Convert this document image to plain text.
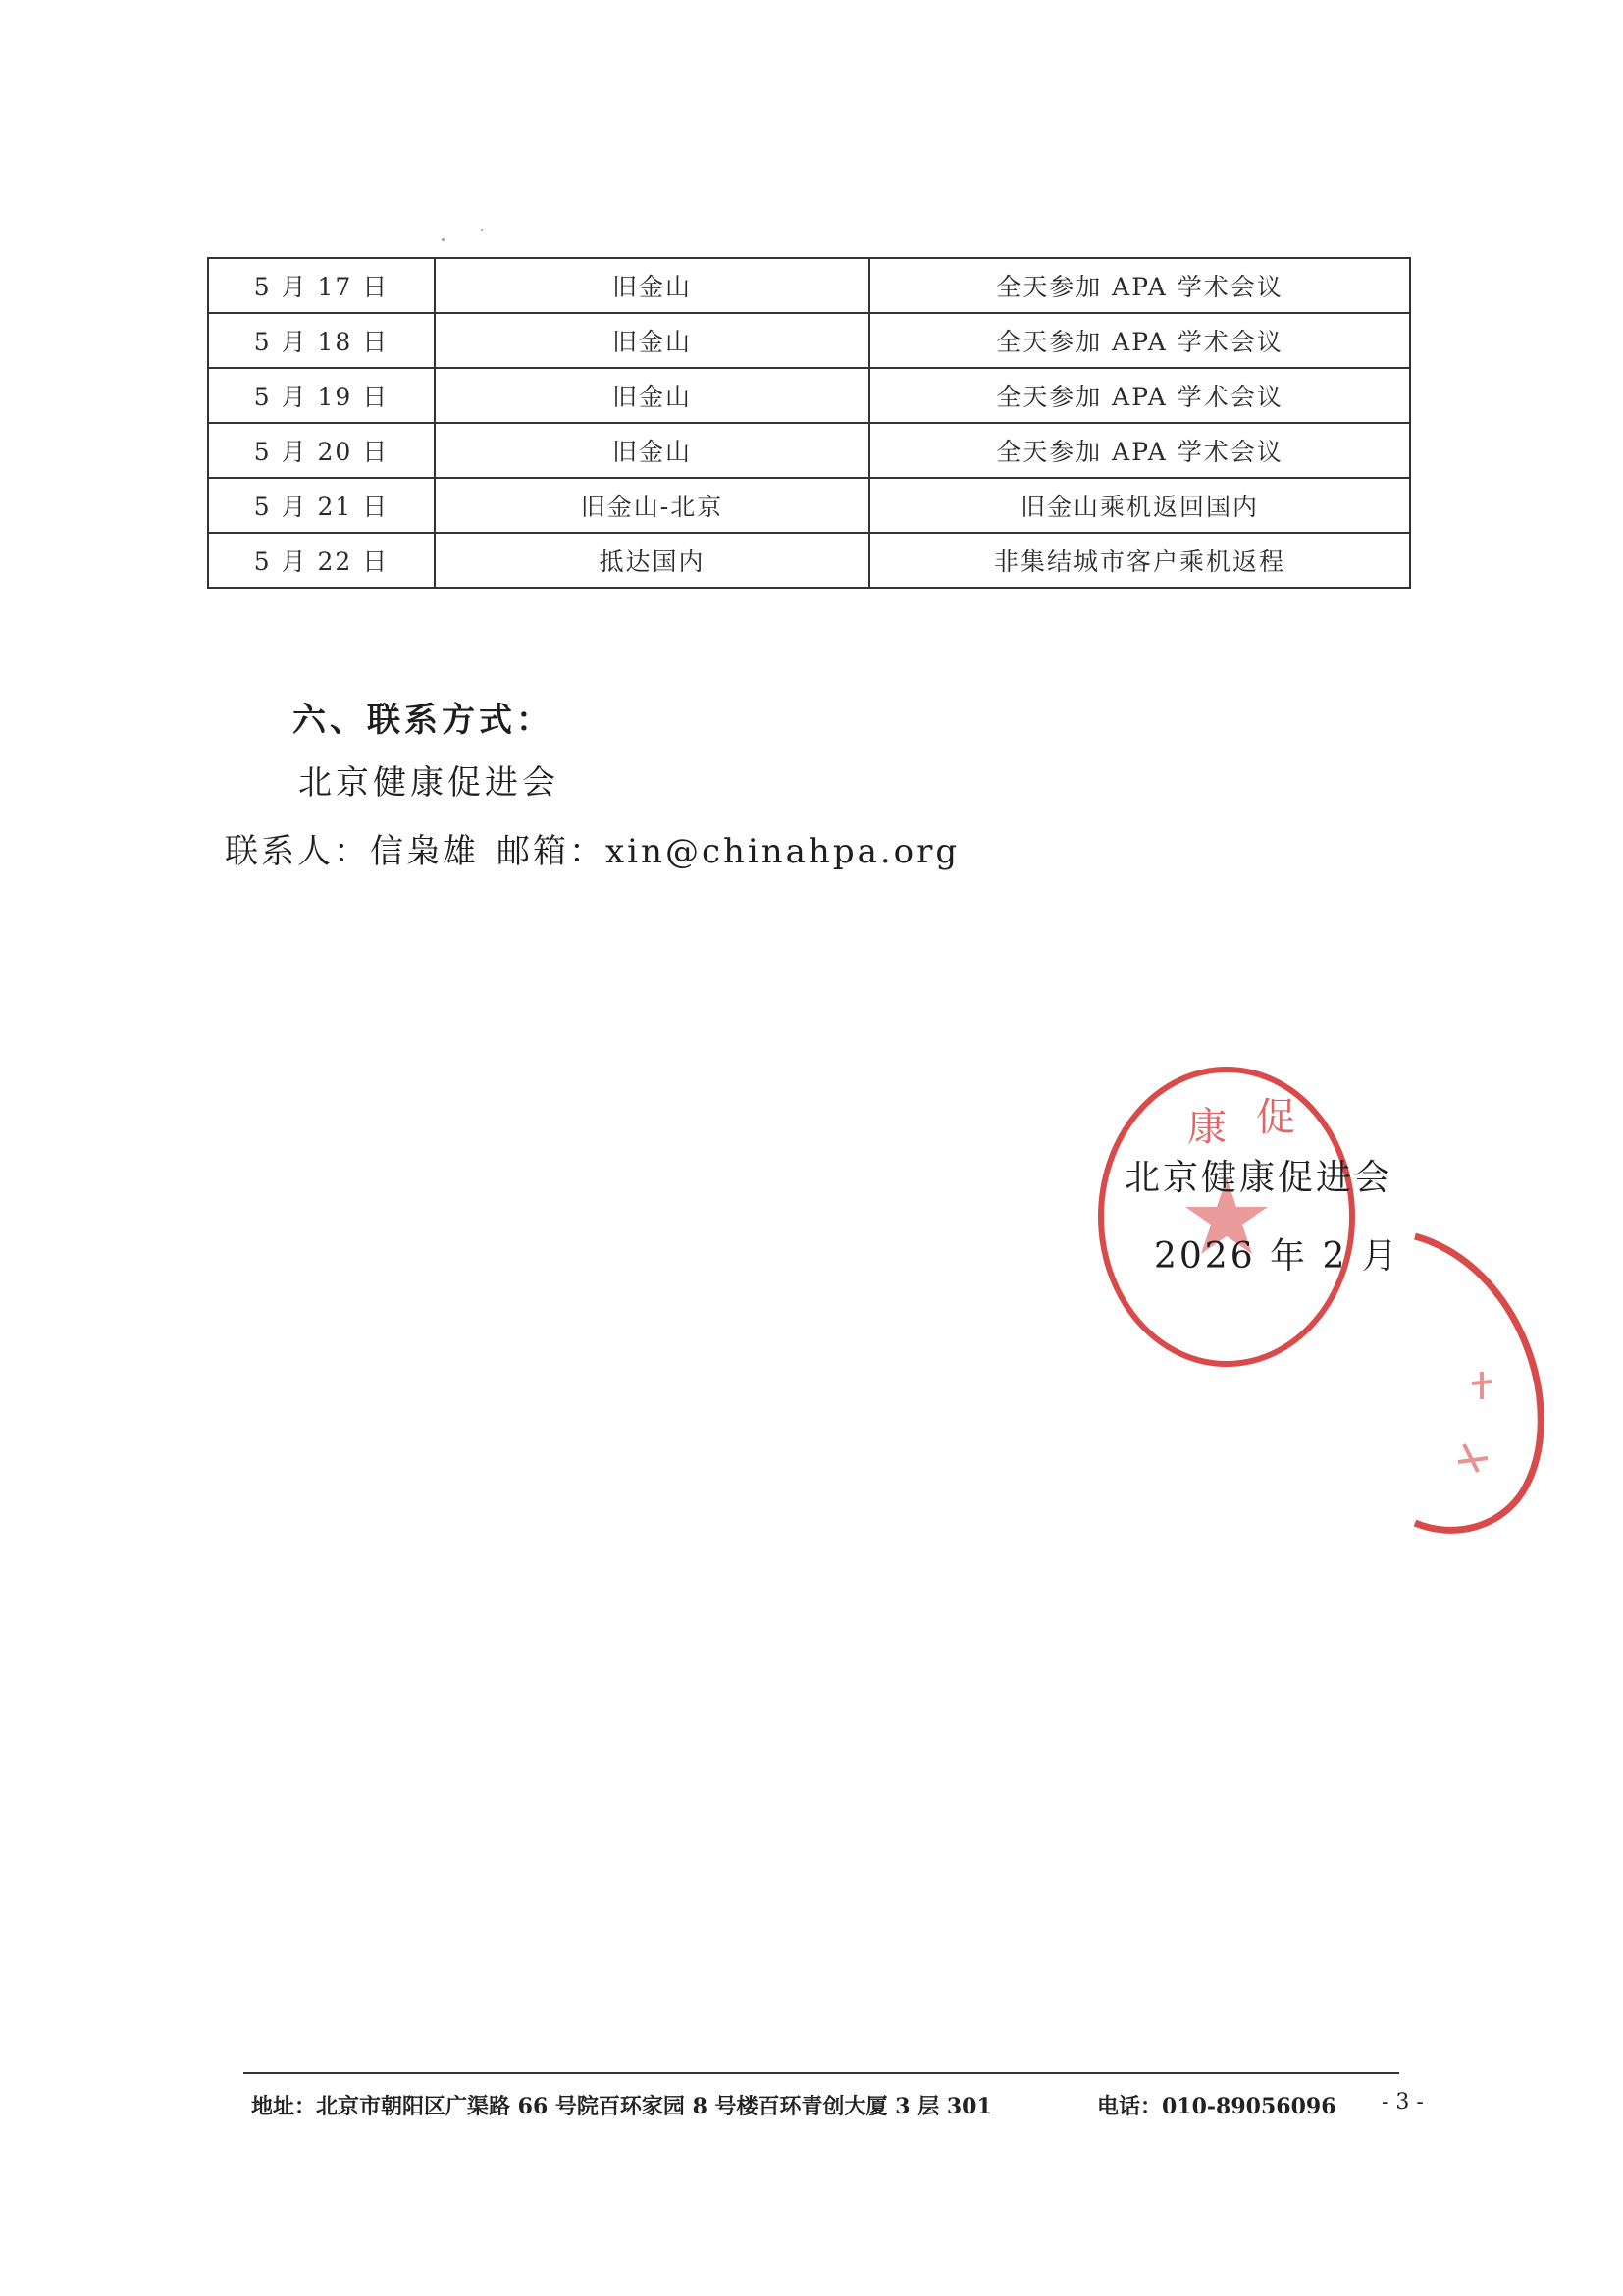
5 月 17 日	旧金山	全天参加 APA 学术会议
5 月 18 日	旧金山	全天参加 APA 学术会议
5 月 19 日	旧金山	全天参加 APA 学术会议
5 月 20 日	旧金山	全天参加 APA 学术会议
5 月 21 日	旧金山-北京	旧金山乘机返回国内
5 月 22 日	抵达国内	非集结城市客户乘机返程
六、联系方式：
北京健康促进会
联系人：信枭雄 邮箱：xin@chinahpa.org
康 促
北京健康促进会
2026 年 2 月
地址：北京市朝阳区广渠路 66 号院百环家园 8 号楼百环青创大厦 3 层 301	电话：010-89056096 - 3 -
